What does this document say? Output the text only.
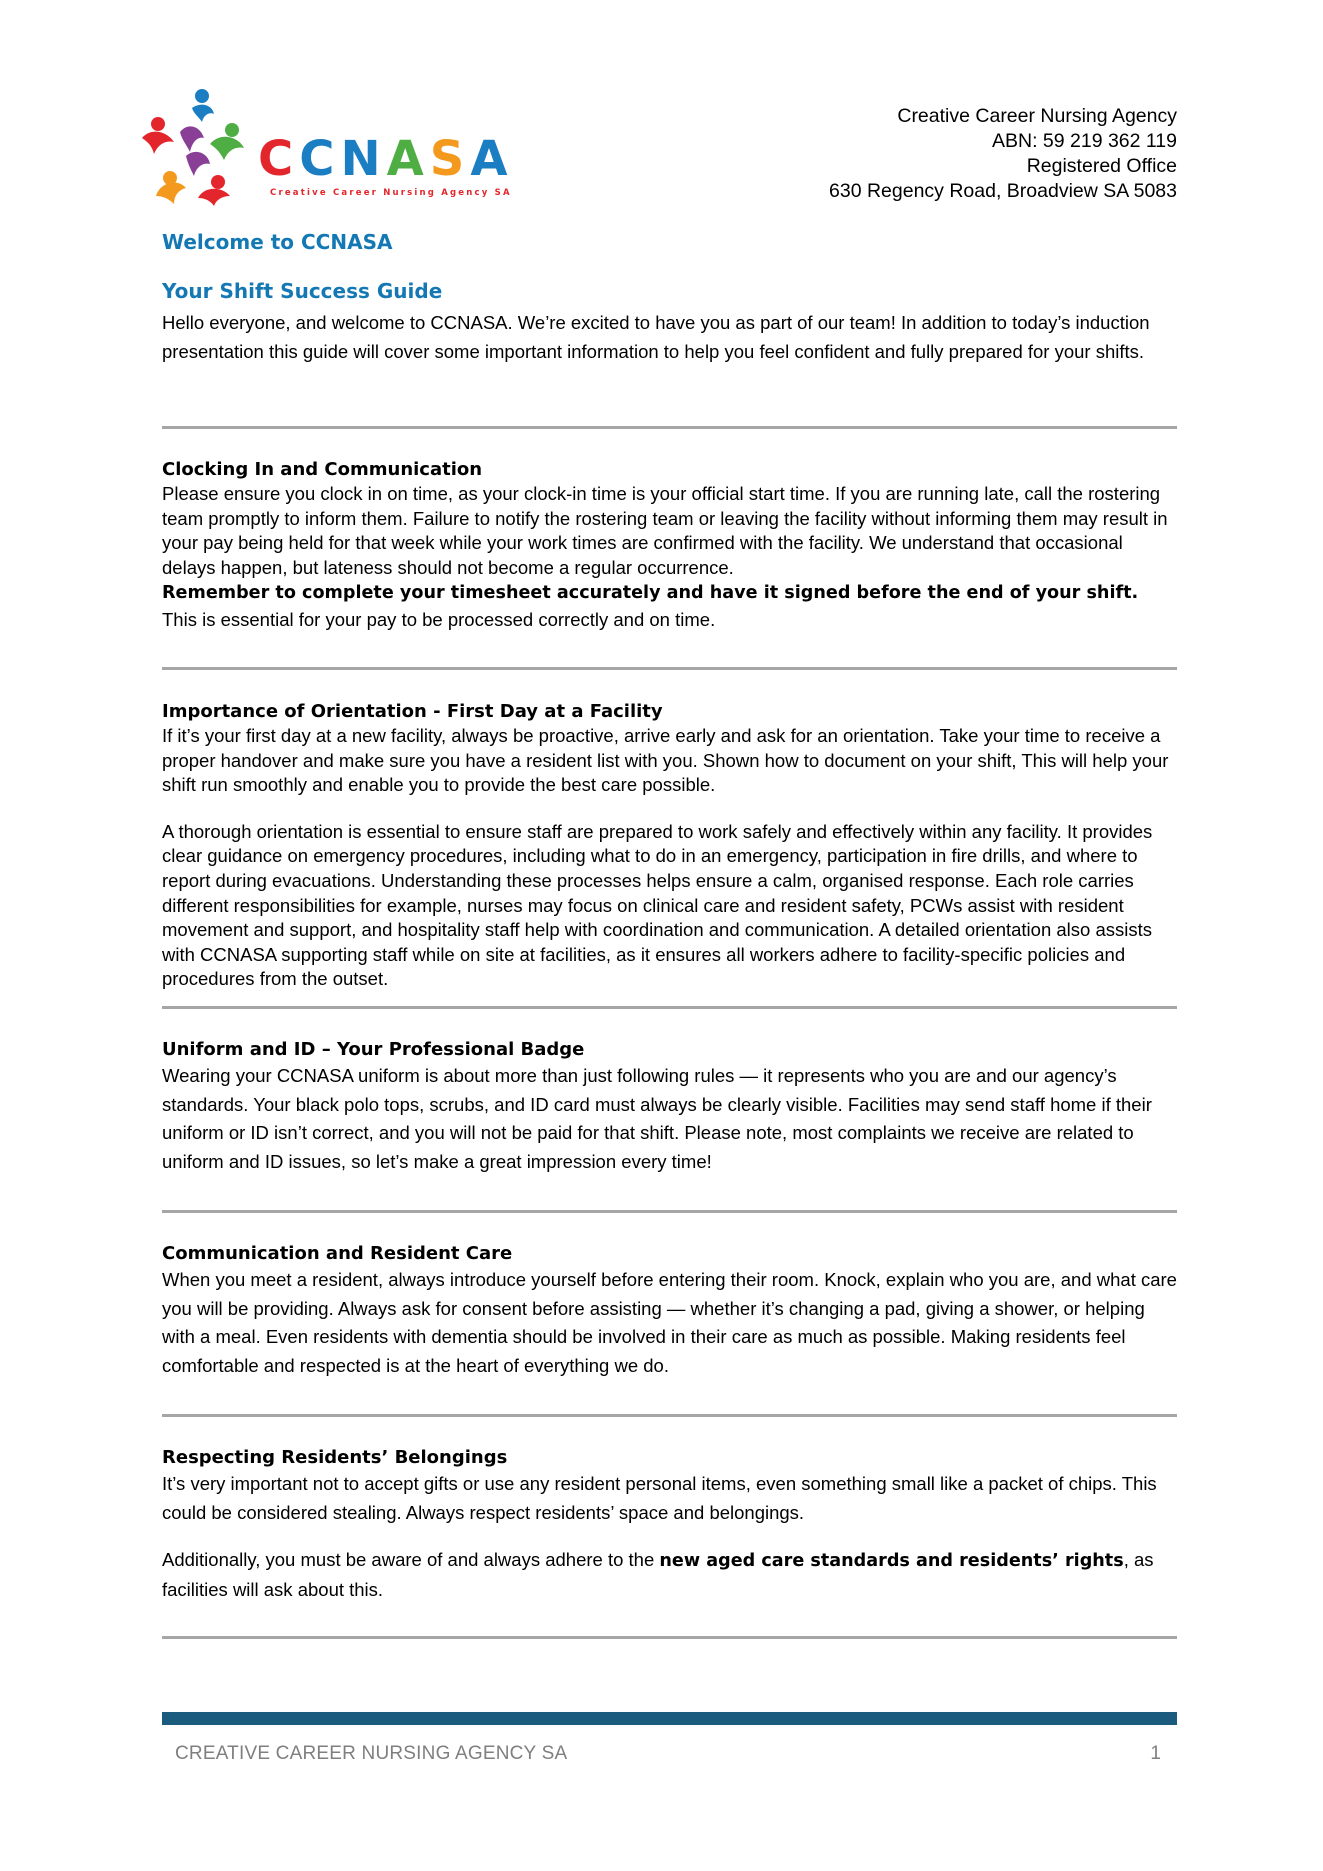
CCNASA
Creative Career Nursing Agency SA
Creative Career Nursing Agency
ABN: 59 219 362 119
Registered Office
630 Regency Road, Broadview SA 5083
Welcome to CCNASA
Your Shift Success Guide

Hello everyone, and welcome to CCNASA. We’re excited to have you as part of our team! In addition to today’s induction presentation this guide will cover some important information to help you feel confident and fully prepared for your shifts.

Clocking In and Communication

Please ensure you clock in on time, as your clock-in time is your official start time. If you are running late, call the rostering team promptly to inform them. Failure to notify the rostering team or leaving the facility without informing them may result in your pay being held for that week while your work times are confirmed with the facility. We understand that occasional delays happen, but lateness should not become a regular occurrence.

Remember to complete your timesheet accurately and have it signed before the end of your shift.

This is essential for your pay to be processed correctly and on time.

Importance of Orientation - First Day at a Facility

If it’s your first day at a new facility, always be proactive, arrive early and ask for an orientation. Take your time to receive a proper handover and make sure you have a resident list with you. Shown how to document on your shift, This will help your shift run smoothly and enable you to provide the best care possible.

A thorough orientation is essential to ensure staff are prepared to work safely and effectively within any facility. It provides clear guidance on emergency procedures, including what to do in an emergency, participation in fire drills, and where to report during evacuations. Understanding these processes helps ensure a calm, organised response. Each role carries different responsibilities for example, nurses may focus on clinical care and resident safety, PCWs assist with resident movement and support, and hospitality staff help with coordination and communication. A detailed orientation also assists with CCNASA supporting staff while on site at facilities, as it ensures all workers adhere to facility-specific policies and procedures from the outset.

Uniform and ID – Your Professional Badge

Wearing your CCNASA uniform is about more than just following rules — it represents who you are and our agency’s standards. Your black polo tops, scrubs, and ID card must always be clearly visible. Facilities may send staff home if their uniform or ID isn’t correct, and you will not be paid for that shift. Please note, most complaints we receive are related to uniform and ID issues, so let’s make a great impression every time!

Communication and Resident Care

When you meet a resident, always introduce yourself before entering their room. Knock, explain who you are, and what care you will be providing. Always ask for consent before assisting — whether it’s changing a pad, giving a shower, or helping with a meal. Even residents with dementia should be involved in their care as much as possible. Making residents feel comfortable and respected is at the heart of everything we do.

Respecting Residents’ Belongings

It’s very important not to accept gifts or use any resident personal items, even something small like a packet of chips. This could be considered stealing. Always respect residents’ space and belongings.

Additionally, you must be aware of and always adhere to the new aged care standards and residents’ rights, as facilities will ask about this.

CREATIVE CAREER NURSING AGENCY SA	1
